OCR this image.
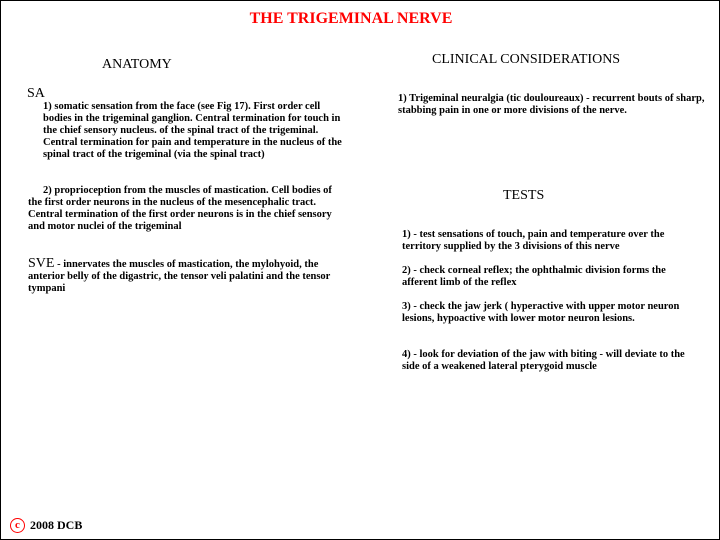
THE TRIGEMINAL NERVE
ANATOMY
SA
1) somatic sensation from the face (see Fig 17). First order cell bodies in the trigeminal ganglion. Central termination for touch in the chief sensory nucleus. of the spinal tract of the trigeminal. Central termination for pain and temperature in the nucleus of the spinal tract of the trigeminal (via the spinal tract)
2) proprioception from the muscles of mastication. Cell bodies of the first order neurons in the nucleus of the mesencephalic tract. Central termination of the first order neurons is in the chief sensory and motor nuclei of the trigeminal
SVE - innervates the muscles of mastication, the mylohyoid, the anterior belly of the digastric, the tensor veli palatini and the tensor tympani
CLINICAL CONSIDERATIONS
1) Trigeminal neuralgia (tic douloureaux) - recurrent bouts of sharp, stabbing pain in one or more divisions of the nerve.
TESTS
1) - test sensations of touch, pain and temperature over the territory supplied by the 3 divisions of this nerve
2) - check corneal reflex; the ophthalmic division forms the afferent limb of the reflex
3) - check the jaw jerk ( hyperactive with upper motor neuron lesions, hypoactive with lower motor neuron lesions.
4) - look for deviation of the jaw with biting - will deviate to the side of a weakened lateral pterygoid muscle
c 2008 DCB
